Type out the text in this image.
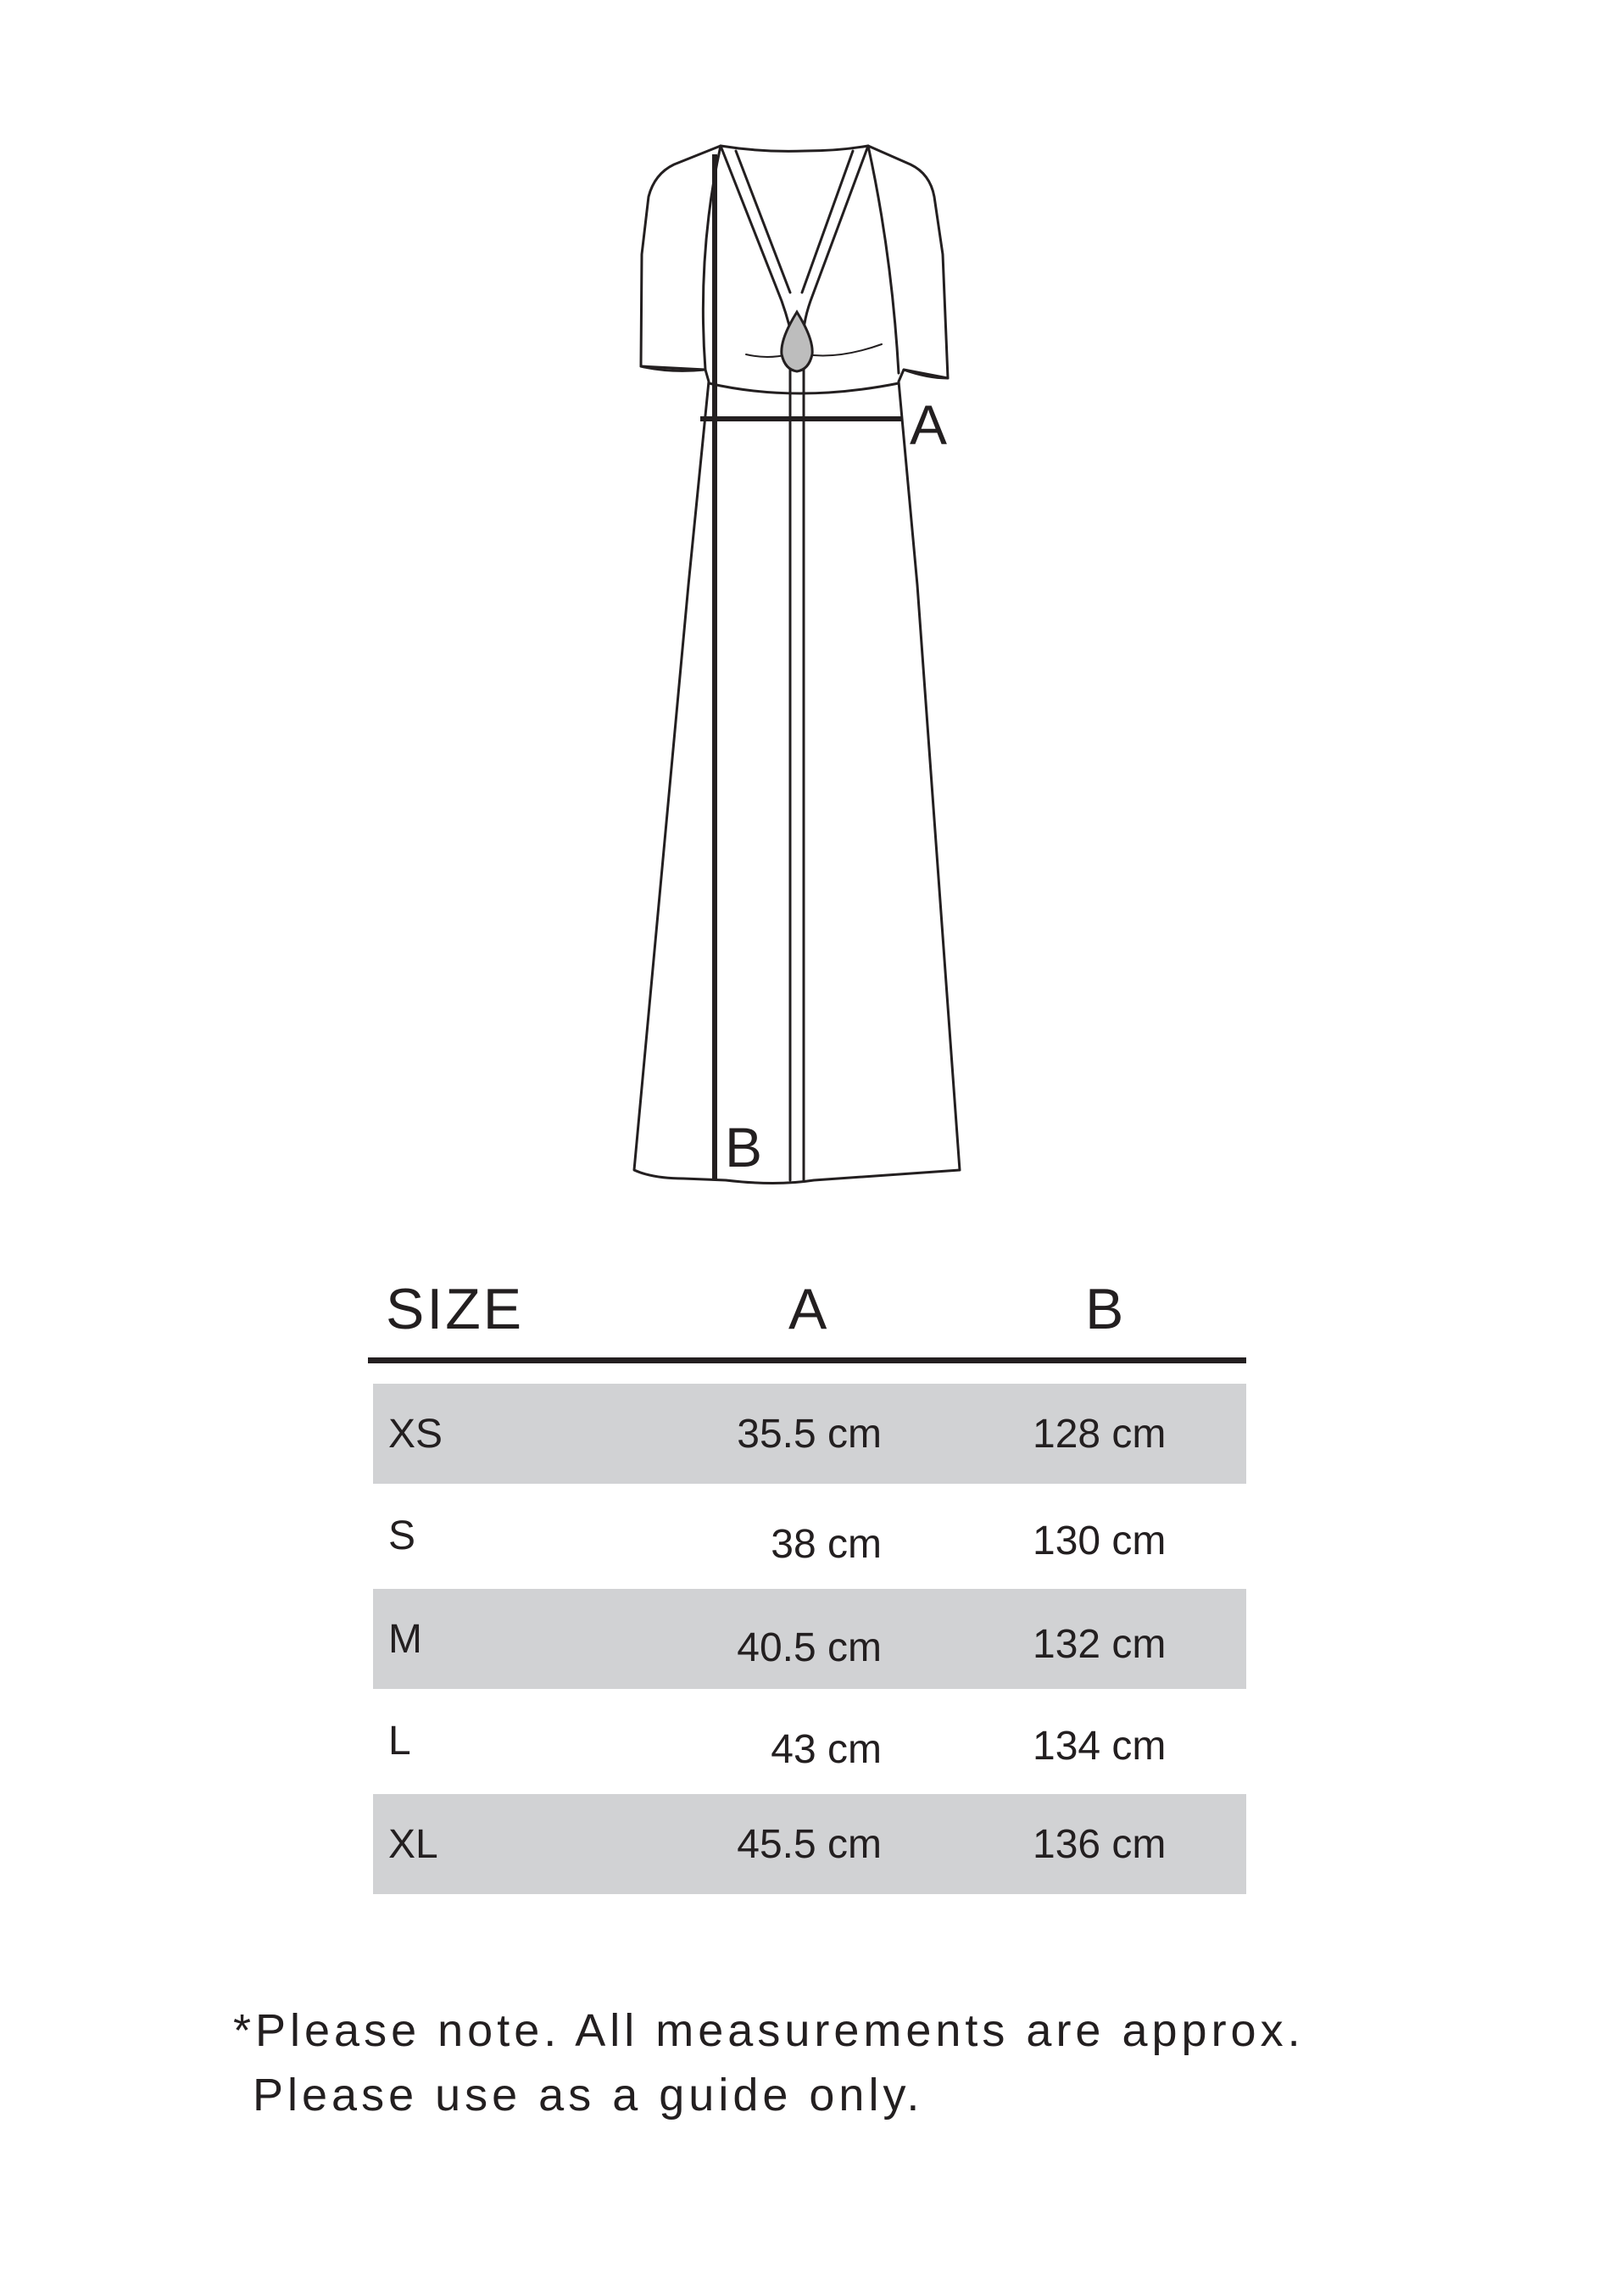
A
B
SIZE	A	B
XS	35.5 cm	128 cm
S	38 cm	130 cm
M	40.5 cm	132 cm
L	43 cm	134 cm
XL	45.5 cm	136 cm
*Please note. All measurements are approx.
Please use as a guide only.
